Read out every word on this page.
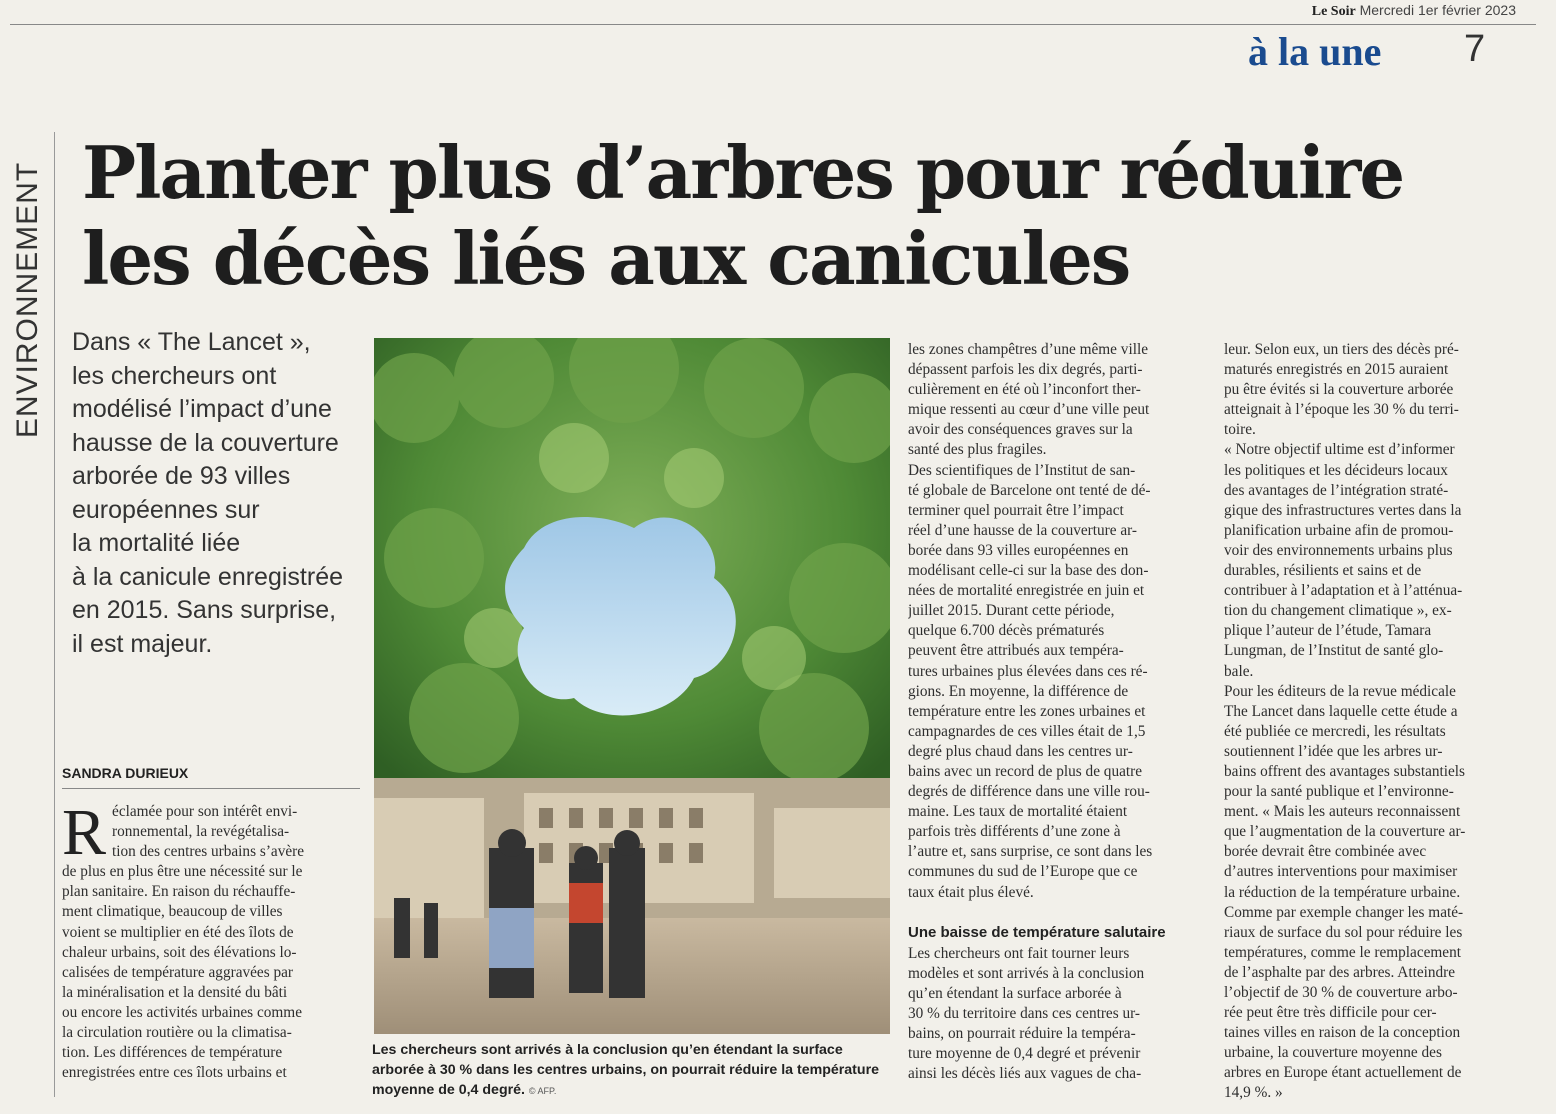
Le Soir Mercredi 1er février 2023
à la une 7
ENVIRONNEMENT Planter plus d’arbres pour réduire
les décès liés aux canicules
Dans « The Lancet »,
les chercheurs ont
modélisé l’impact d’une
hausse de la couverture
arborée de 93 villes
européennes sur
la mortalité liée
à la canicule enregistrée
en 2015. Sans surprise,
il est majeur.
SANDRA DURIEUX
R éclamée pour son intérêt envi-
ronnemental, la revégétalisa-
tion des centres urbains s’avère
de plus en plus être une nécessité sur le
plan sanitaire. En raison du réchauffe-
ment climatique, beaucoup de villes
voient se multiplier en été des îlots de
chaleur urbains, soit des élévations lo-
calisées de température aggravées par
la minéralisation et la densité du bâti
ou encore les activités urbaines comme
la circulation routière ou la climatisa-
tion. Les différences de température
enregistrées entre ces îlots urbains et
Les chercheurs sont arrivés à la conclusion qu’en étendant la surface arborée à 30 % dans les centres urbains, on pourrait réduire la température moyenne de 0,4 degré. © AFP.
les zones champêtres d’une même ville
dépassent parfois les dix degrés, parti-
culièrement en été où l’inconfort ther-
mique ressenti au cœur d’une ville peut
avoir des conséquences graves sur la
santé des plus fragiles.
Des scientifiques de l’Institut de san-
té globale de Barcelone ont tenté de dé-
terminer quel pourrait être l’impact
réel d’une hausse de la couverture ar-
borée dans 93 villes européennes en
modélisant celle-ci sur la base des don-
nées de mortalité enregistrée en juin et
juillet 2015. Durant cette période,
quelque 6.700 décès prématurés
peuvent être attribués aux tempéra-
tures urbaines plus élevées dans ces ré-
gions. En moyenne, la différence de
température entre les zones urbaines et
campagnardes de ces villes était de 1,5
degré plus chaud dans les centres ur-
bains avec un record de plus de quatre
degrés de différence dans une ville rou-
maine. Les taux de mortalité étaient
parfois très différents d’une zone à
l’autre et, sans surprise, ce sont dans les
communes du sud de l’Europe que ce
taux était plus élevé.
Une baisse de température salutaire
Les chercheurs ont fait tourner leurs
modèles et sont arrivés à la conclusion
qu’en étendant la surface arborée à
30 % du territoire dans ces centres ur-
bains, on pourrait réduire la tempéra-
ture moyenne de 0,4 degré et prévenir
ainsi les décès liés aux vagues de cha-
leur. Selon eux, un tiers des décès pré-
maturés enregistrés en 2015 auraient
pu être évités si la couverture arborée
atteignait à l’époque les 30 % du terri-
toire.
« Notre objectif ultime est d’informer
les politiques et les décideurs locaux
des avantages de l’intégration straté-
gique des infrastructures vertes dans la
planification urbaine afin de promou-
voir des environnements urbains plus
durables, résilients et sains et de
contribuer à l’adaptation et à l’atténua-
tion du changement climatique », ex-
plique l’auteur de l’étude, Tamara
Lungman, de l’Institut de santé glo-
bale.
Pour les éditeurs de la revue médicale
The Lancet dans laquelle cette étude a
été publiée ce mercredi, les résultats
soutiennent l’idée que les arbres ur-
bains offrent des avantages substantiels
pour la santé publique et l’environne-
ment. « Mais les auteurs reconnaissent
que l’augmentation de la couverture ar-
borée devrait être combinée avec
d’autres interventions pour maximiser
la réduction de la température urbaine.
Comme par exemple changer les maté-
riaux de surface du sol pour réduire les
températures, comme le remplacement
de l’asphalte par des arbres. Atteindre
l’objectif de 30 % de couverture arbo-
rée peut être très difficile pour cer-
taines villes en raison de la conception
urbaine, la couverture moyenne des
arbres en Europe étant actuellement de
14,9 %. »
